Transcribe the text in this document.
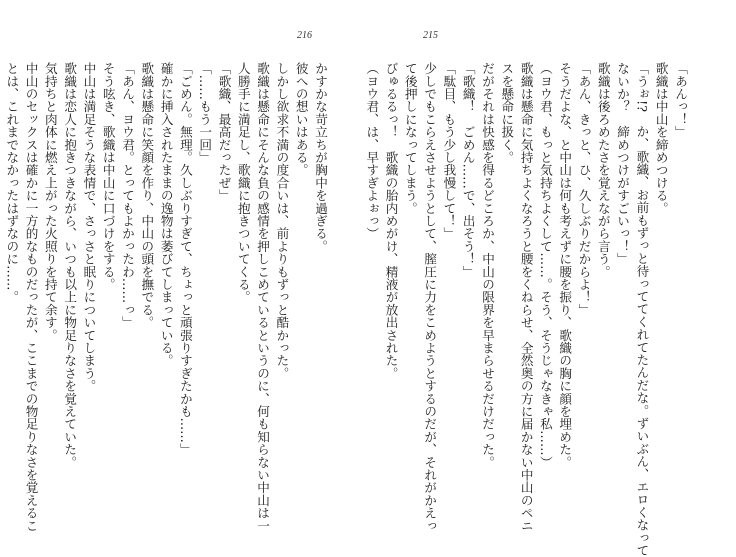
216	215
「あんっ！」
歌織は中山を締めつける。
「うぉ!?　か、歌織、お前もずっと待っててくれてたんだな。ずいぶん、エロくなって
ないか？　締めつけがすごいっ！」
歌織は後ろめたさを覚えながら言う。
「あん、きっと、ひ、久しぶりだからよ！」
そうだよな、と中山は何も考えずに腰を振り、歌織の胸に顔を埋めた。
（ヨウ君、もっと気持ちよくして……。そう、そうじゃなきゃ私……）
歌織は懸命に気持ちよくなろうと腰をくねらせ、全然奥の方に届かない中山のペニ
スを懸命に扱く。
だがそれは快感を得るどころか、中山の限界を早まらせるだけだった。
「歌織！　ごめん……で、出そう！」
「駄目、もう少し我慢して！」
少しでもこらえさせようとして、膣圧に力をこめようとするのだが、それがかえっ
て後押しになってしまう。
びゅるるっ！　歌織の胎内めがけ、精液が放出された。
（ヨウ君、は、早すぎよぉっ）
かすかな苛立ちが胸中を過ぎる。
彼への想いはある。
しかし欲求不満の度合いは、前よりもずっと酷かった。
歌織は懸命にそんな負の感情を押しこめているというのに、何も知らない中山は一
人勝手に満足し、歌織に抱きついてくる。
「歌織、最高だったぜ」
「……もう一回」
「ごめん。無理。久しぶりすぎて、ちょっと頑張りすぎたかも……」
確かに挿入されたままの逸物は萎びてしまっている。
歌織は懸命に笑顔を作り、中山の頭を撫でる。
「あん、ヨウ君。とってもよかったわ……っ」
そう呟き、歌織は中山に口づけをする。
中山は満足そうな表情で、さっさと眠りについてしまう。
歌織は恋人に抱きつきながら、いつも以上に物足りなさを覚えていた。
気持ちと肉体に燃え上がった火照りを持て余す。
中山のセックスは確かに一方的なものだったが、ここまでの物足りなさを覚えるこ
とは、これまでなかったはずなのに……。
